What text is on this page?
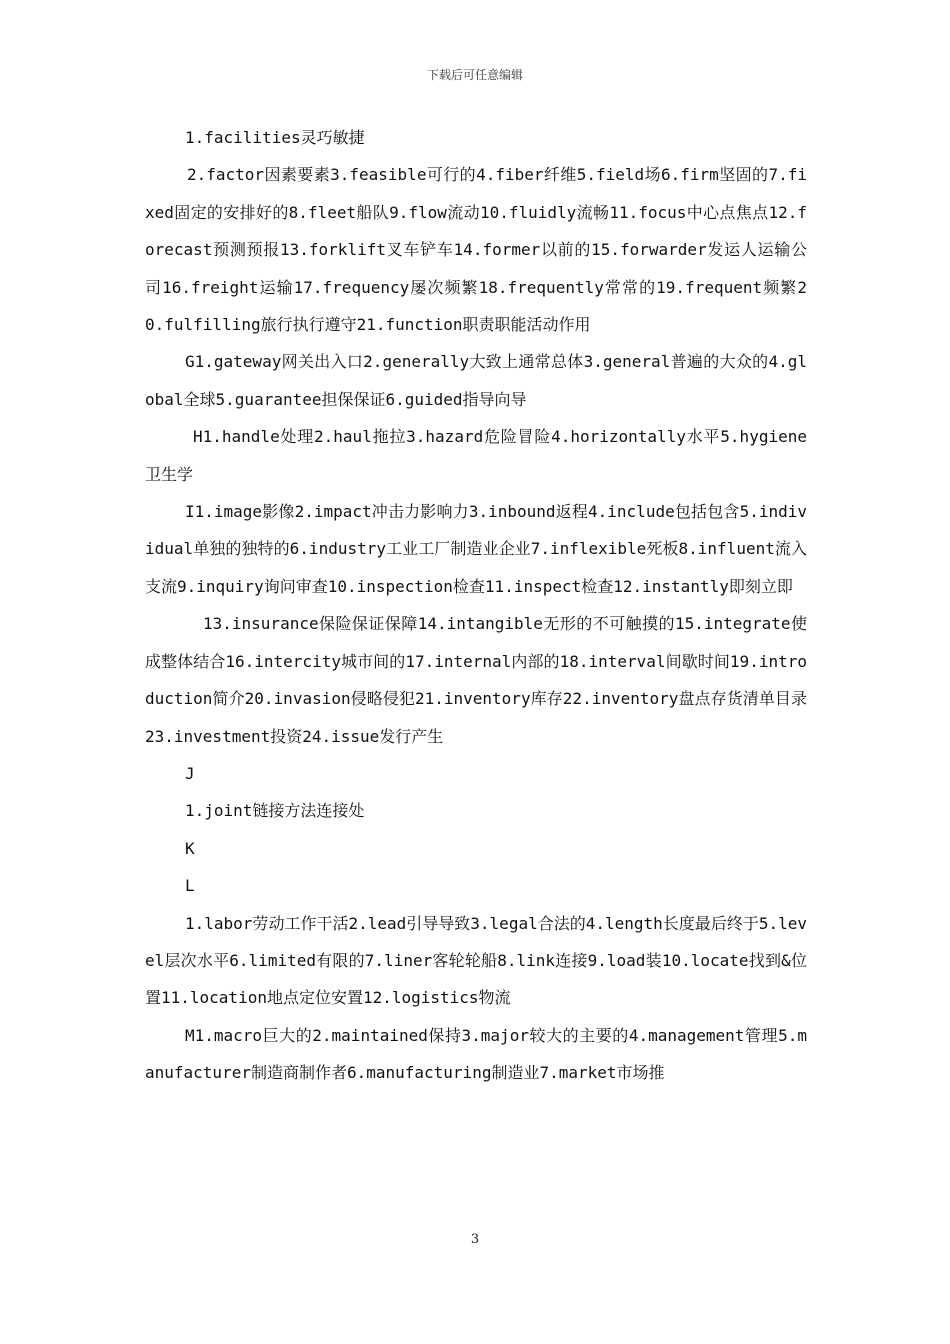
下载后可任意编辑

1.facilities灵巧敏捷

2.factor因素要素3.feasible可行的4.fiber纤维5.field场6.firm坚固的7.fixed固定的安排好的8.fleet船队9.flow流动10.fluidly流畅11.focus中心点焦点12.forecast预测预报13.forklift叉车铲车14.former以前的15.forwarder发运人运输公司16.freight运输17.frequency屡次频繁18.frequently常常的19.frequent频繁20.fulfilling旅行执行遵守21.function职责职能活动作用

G1.gateway网关出入口2.generally大致上通常总体3.general普遍的大众的4.global全球5.guarantee担保保证6.guided指导向导

H1.handle处理2.haul拖拉3.hazard危险冒险4.horizontally水平5.hygiene卫生学

I1.image影像2.impact冲击力影响力3.inbound返程4.include包括包含5.individual单独的独特的6.industry工业工厂制造业企业7.inflexible死板8.influent流入支流9.inquiry询问审查10.inspection检查11.inspect检查12.instantly即刻立即

13.insurance保险保证保障14.intangible无形的不可触摸的15.integrate使成整体结合16.intercity城市间的17.internal内部的18.interval间歇时间19.introduction简介20.invasion侵略侵犯21.inventory库存22.inventory盘点存货清单目录23.investment投资24.issue发行产生

J

1.joint链接方法连接处

K

L

1.labor劳动工作干活2.lead引导导致3.legal合法的4.length长度最后终于5.level层次水平6.limited有限的7.liner客轮轮船8.link连接9.load装10.locate找到&位置11.location地点定位安置12.logistics物流

M1.macro巨大的2.maintained保持3.major较大的主要的4.management管理5.manufacturer制造商制作者6.manufacturing制造业7.market市场推

3
